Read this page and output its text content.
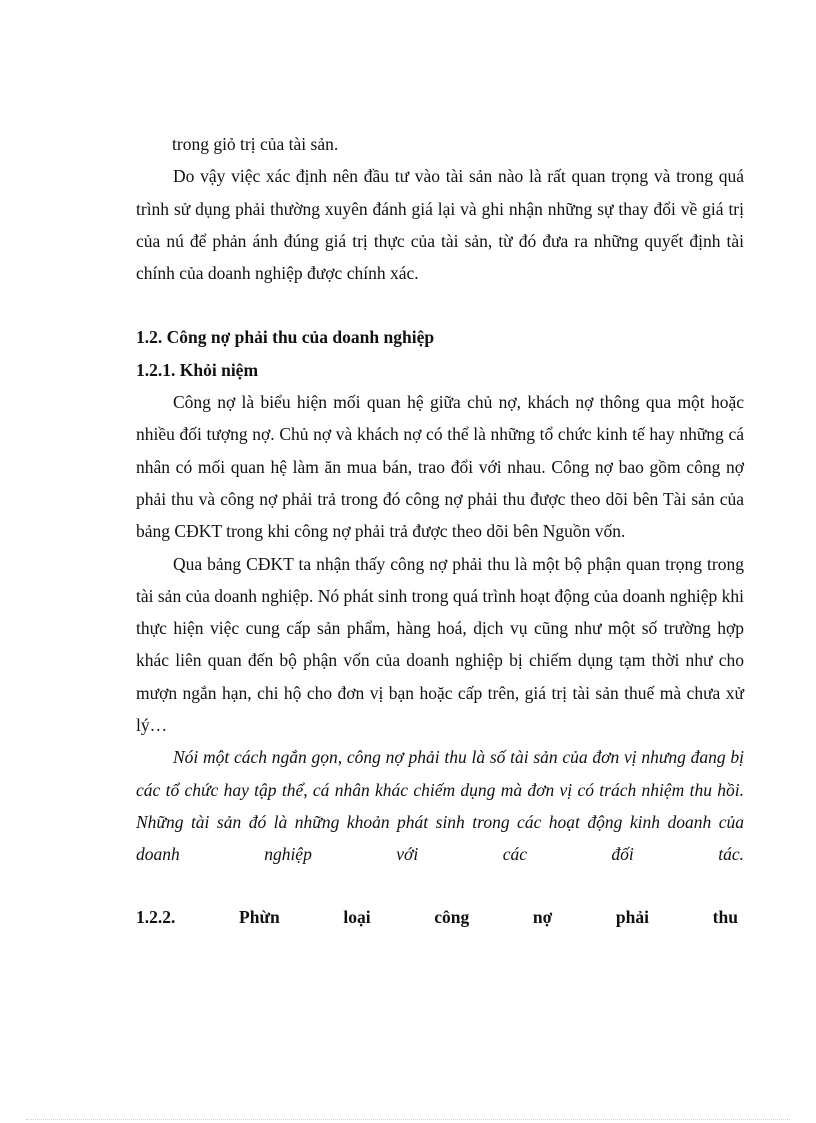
trong giỏ trị của tài sản.

Do vậy việc xác định nên đầu tư vào tài sản nào là rất quan trọng và trong quá trình sử dụng phải thường xuyên đánh giá lại và ghi nhận những sự thay đổi về giá trị của nú để phản ánh đúng giá trị thực của tài sản, từ đó đưa ra những quyết định tài chính của doanh nghiệp được chính xác.

1.2. Công nợ phải thu của doanh nghiệp
1.2.1. Khỏi niệm

Công nợ là biểu hiện mối quan hệ giữa chủ nợ, khách nợ thông qua một hoặc nhiều đối tượng nợ. Chủ nợ và khách nợ có thể là những tổ chức kinh tế hay những cá nhân có mối quan hệ làm ăn mua bán, trao đổi với nhau. Công nợ bao gồm công nợ phải thu và công nợ phải trả trong đó công nợ phải thu được theo dõi bên Tài sản của bảng CĐKT trong khi công nợ phải trả được theo dõi bên Nguồn vốn.

Qua bảng CĐKT ta nhận thấy công nợ phải thu là một bộ phận quan trọng trong tài sản của doanh nghiệp. Nó phát sinh trong quá trình hoạt động của doanh nghiệp khi thực hiện việc cung cấp sản phẩm, hàng hoá, dịch vụ cũng như một số trường hợp khác liên quan đến bộ phận vốn của doanh nghiệp bị chiếm dụng tạm thời như cho mượn ngắn hạn, chi hộ cho đơn vị bạn hoặc cấp trên, giá trị tài sản thuế mà chưa xử lý…

Nói một cách ngắn gọn, công nợ phải thu là số tài sản của đơn vị nhưng đang bị các tổ chức hay tập thể, cá nhân khác chiếm dụng mà đơn vị có trách nhiệm thu hồi. Những tài sản đó là những khoản phát sinh trong các hoạt động kinh doanh của doanh nghiệp với các đối tác.

1.2.2.	Phừn	loại	công	nợ	phải	thu
